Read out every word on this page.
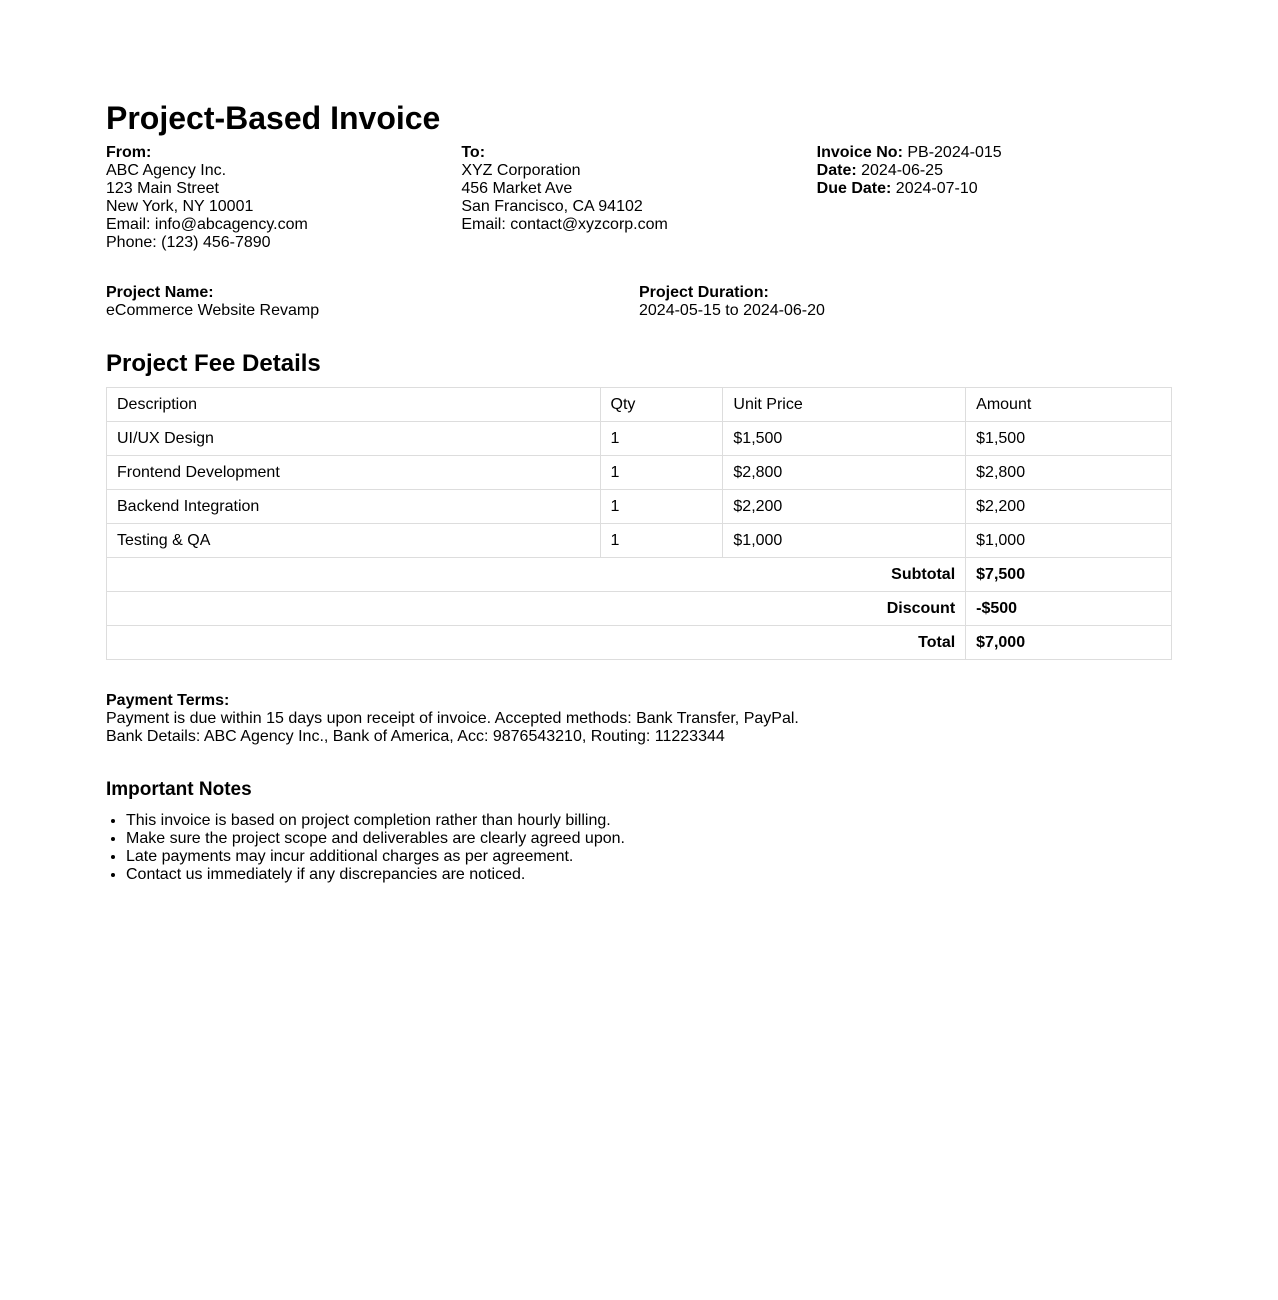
Project-Based Invoice
From:
ABC Agency Inc.
123 Main Street
New York, NY 10001
Email: info@abcagency.com
Phone: (123) 456-7890
To:
XYZ Corporation
456 Market Ave
San Francisco, CA 94102
Email: contact@xyzcorp.com
Invoice No: PB-2024-015
Date: 2024-06-25
Due Date: 2024-07-10
Project Name:
eCommerce Website Revamp
Project Duration:
2024-05-15 to 2024-06-20
Project Fee Details
Description	Qty	Unit Price	Amount
UI/UX Design	1	$1,500	$1,500
Frontend Development	1	$2,800	$2,800
Backend Integration	1	$2,200	$2,200
Testing & QA	1	$1,000	$1,000
Subtotal			$7,500
Discount			-$500
Total			$7,000
Payment Terms:
Payment is due within 15 days upon receipt of invoice. Accepted methods: Bank Transfer, PayPal.
Bank Details: ABC Agency Inc., Bank of America, Acc: 9876543210, Routing: 11223344
Important Notes
• This invoice is based on project completion rather than hourly billing.
• Make sure the project scope and deliverables are clearly agreed upon.
• Late payments may incur additional charges as per agreement.
• Contact us immediately if any discrepancies are noticed.
